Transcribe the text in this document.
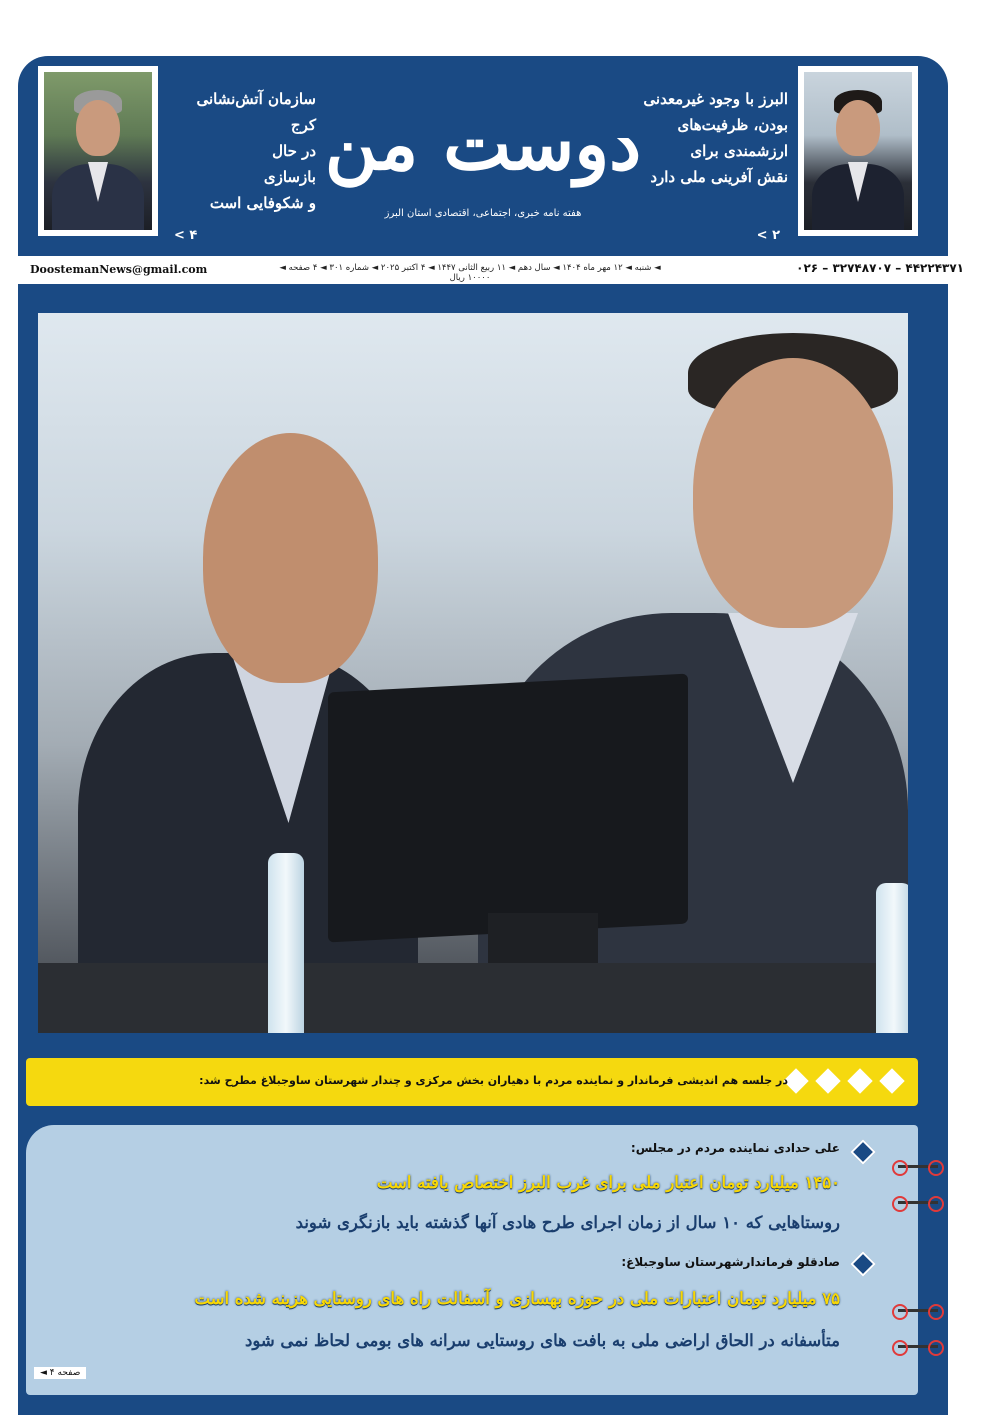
البرز با وجود غیرمعدنی
بودن، ظرفیت‌های
ارزشمندی برای
نقش آفرینی ملی دارد
۲ >
دوست من
هفته نامه خبری، اجتماعی، اقتصادی استان البرز
سازمان آتش‌نشانی کرج
در حال
بازسازی
و شکوفایی است
۴ >
DoostemanNews@gmail.com	◄ شنبه ◄ ۱۲ مهر ماه ۱۴۰۴ ◄ سال دهم ◄ ۱۱ ربیع الثانی ۱۴۴۷ ◄ ۴ اکتبر ۲۰۲۵ ◄ شماره ۳۰۱ ◄ ۴ صفحه ◄ ۱۰۰۰۰ ریال
۰۲۶ – ۳۲۷۴۸۷۰۷ – ۴۴۲۲۴۳۷۱
در جلسه هم اندیشی فرماندار و نماینده مردم با دهیاران بخش مرکزی و چندار شهرستان ساوجبلاغ مطرح شد:
علی حدادی نماینده مردم در مجلس:
۱۴۵۰ میلیارد تومان اعتبار ملی برای غرب البرز اختصاص یافته است
روستاهایی که ۱۰ سال از زمان اجرای طرح هادی آنها گذشته باید بازنگری شوند
صادقلو فرماندارشهرستان ساوجبلاغ:
۷۵ میلیارد تومان اعتبارات ملی در حوزه بهسازی و آسفالت راه های روستایی هزینه شده است
متأسفانه در الحاق اراضی ملی به بافت های روستایی سرانه های بومی لحاظ نمی شود
صفحه ۴ ◄
